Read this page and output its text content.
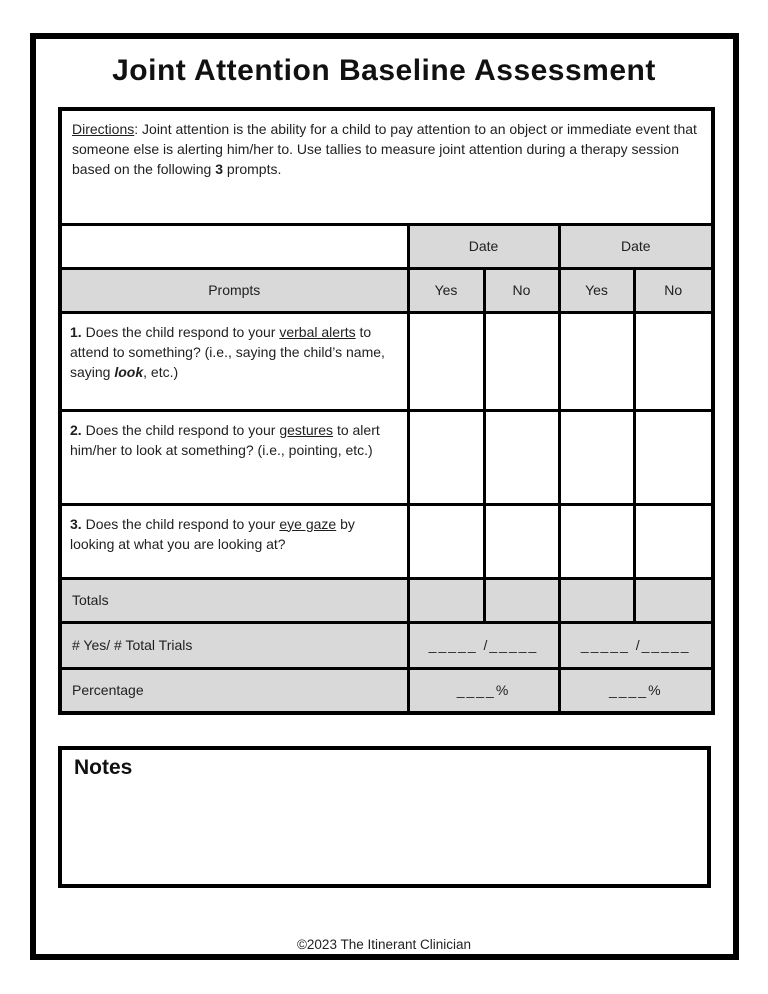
Joint Attention Baseline Assessment
Directions: Joint attention is the ability for a child to pay attention to an object or immediate event that someone else is alerting him/her to. Use tallies to measure joint attention during a therapy session based on the following 3 prompts.				
	Date		Date	
Prompts	Yes	No	Yes	No
1. Does the child respond to your verbal alerts to attend to something? (i.e., saying the child’s name, saying look, etc.)				
2. Does the child respond to your gestures to alert him/her to look at something? (i.e., pointing, etc.)				
3. Does the child respond to your eye gaze by looking at what you are looking at?				
Totals				
# Yes/ # Total Trials	_____ /_____		_____ /_____	
Percentage	____%		____%	
Notes
©2023 The Itinerant Clinician
